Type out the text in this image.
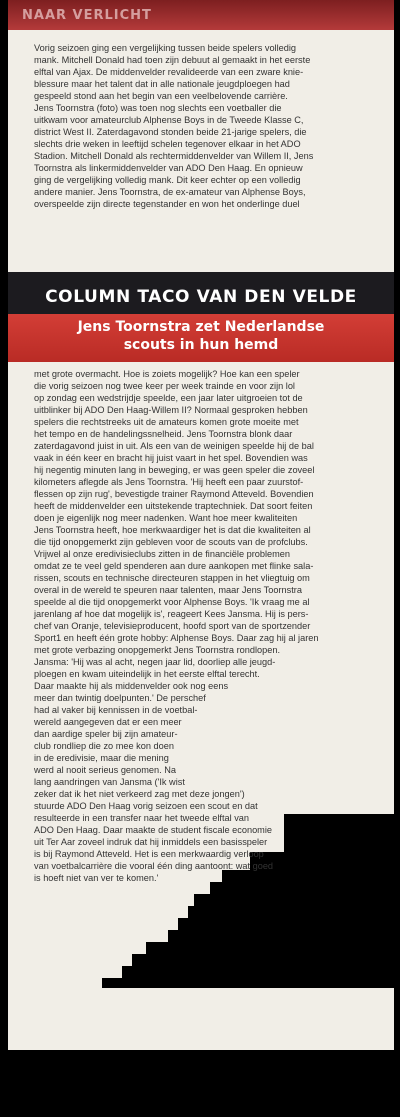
NAAR VERLICHT
Vorig seizoen ging een vergelijking tussen beide spelers volledig
mank. Mitchell Donald had toen zijn debuut al gemaakt in het eerste
elftal van Ajax. De middenvelder revalideerde van een zware knie-
blessure maar het talent dat in alle nationale jeugdploegen had
gespeeld stond aan het begin van een veelbelovende carrière.
Jens Toornstra (foto) was toen nog slechts een voetballer die
uitkwam voor amateurclub Alphense Boys in de Tweede Klasse C,
district West II. Zaterdagavond stonden beide 21-jarige spelers, die
slechts drie weken in leeftijd schelen tegenover elkaar in het ADO
Stadion. Mitchell Donald als rechtermiddenvelder van Willem II, Jens
Toornstra als linkermiddenvelder van ADO Den Haag. En opnieuw
ging de vergelijking volledig mank. Dit keer echter op een volledig
andere manier. Jens Toornstra, de ex-amateur van Alphense Boys,
overspeelde zijn directe tegenstander en won het onderlinge duel
COLUMN TACO VAN DEN VELDE
Jens Toornstra zet Nederlandse
scouts in hun hemd
met grote overmacht. Hoe is zoiets mogelijk? Hoe kan een speler
die vorig seizoen nog twee keer per week trainde en voor zijn lol
op zondag een wedstrijdje speelde, een jaar later uitgroeien tot de
uitblinker bij ADO Den Haag-Willem II? Normaal gesproken hebben
spelers die rechtstreeks uit de amateurs komen grote moeite met
het tempo en de handelingssnelheid. Jens Toornstra blonk daar
zaterdagavond juist in uit. Als een van de weinigen speelde hij de bal
vaak in één keer en bracht hij juist vaart in het spel. Bovendien was
hij negentig minuten lang in beweging, er was geen speler die zoveel
kilometers aflegde als Jens Toornstra. 'Hij heeft een paar zuurstof-
flessen op zijn rug', bevestigde trainer Raymond Atteveld. Bovendien
heeft de middenvelder een uitstekende traptechniek. Dat soort feiten
doen je eigenlijk nog meer nadenken. Want hoe meer kwaliteiten
Jens Toornstra heeft, hoe merkwaardiger het is dat die kwaliteiten al
die tijd onopgemerkt zijn gebleven voor de scouts van de profclubs.
Vrijwel al onze eredivisieclubs zitten in de financiële problemen
omdat ze te veel geld spenderen aan dure aankopen met flinke sala-
rissen, scouts en technische directeuren stappen in het vliegtuig om
overal in de wereld te speuren naar talenten, maar Jens Toornstra
speelde al die tijd onopgemerkt voor Alphense Boys. 'Ik vraag me al
jarenlang af hoe dat mogelijk is', reageert Kees Jansma. Hij is pers-
chef van Oranje, televisieproducent, hoofd sport van de sportzender
Sport1 en heeft één grote hobby: Alphense Boys. Daar zag hij al jaren
met grote verbazing onopgemerkt Jens Toornstra rondlopen.
Jansma: 'Hij was al acht, negen jaar lid, doorliep alle jeugd-
ploegen en kwam uiteindelijk in het eerste elftal terecht.
Daar maakte hij als middenvelder ook nog eens
meer dan twintig doelpunten.' De perschef
had al vaker bij kennissen in de voetbal-
wereld aangegeven dat er een meer
dan aardige speler bij zijn amateur-
club rondliep die zo mee kon doen
in de eredivisie, maar die mening
werd al nooit serieus genomen. Na
lang aandringen van Jansma ('Ik wist
zeker dat ik het niet verkeerd zag met deze jongen')
stuurde ADO Den Haag vorig seizoen een scout en dat
resulteerde in een transfer naar het tweede elftal van
ADO Den Haag. Daar maakte de student fiscale economie
uit Ter Aar zoveel indruk dat hij inmiddels een basisspeler
is bij Raymond Atteveld. Het is een merkwaardig verloop
van voetbalcarrière die vooral één ding aantoont: wat goed
is hoeft niet van ver te komen.'
